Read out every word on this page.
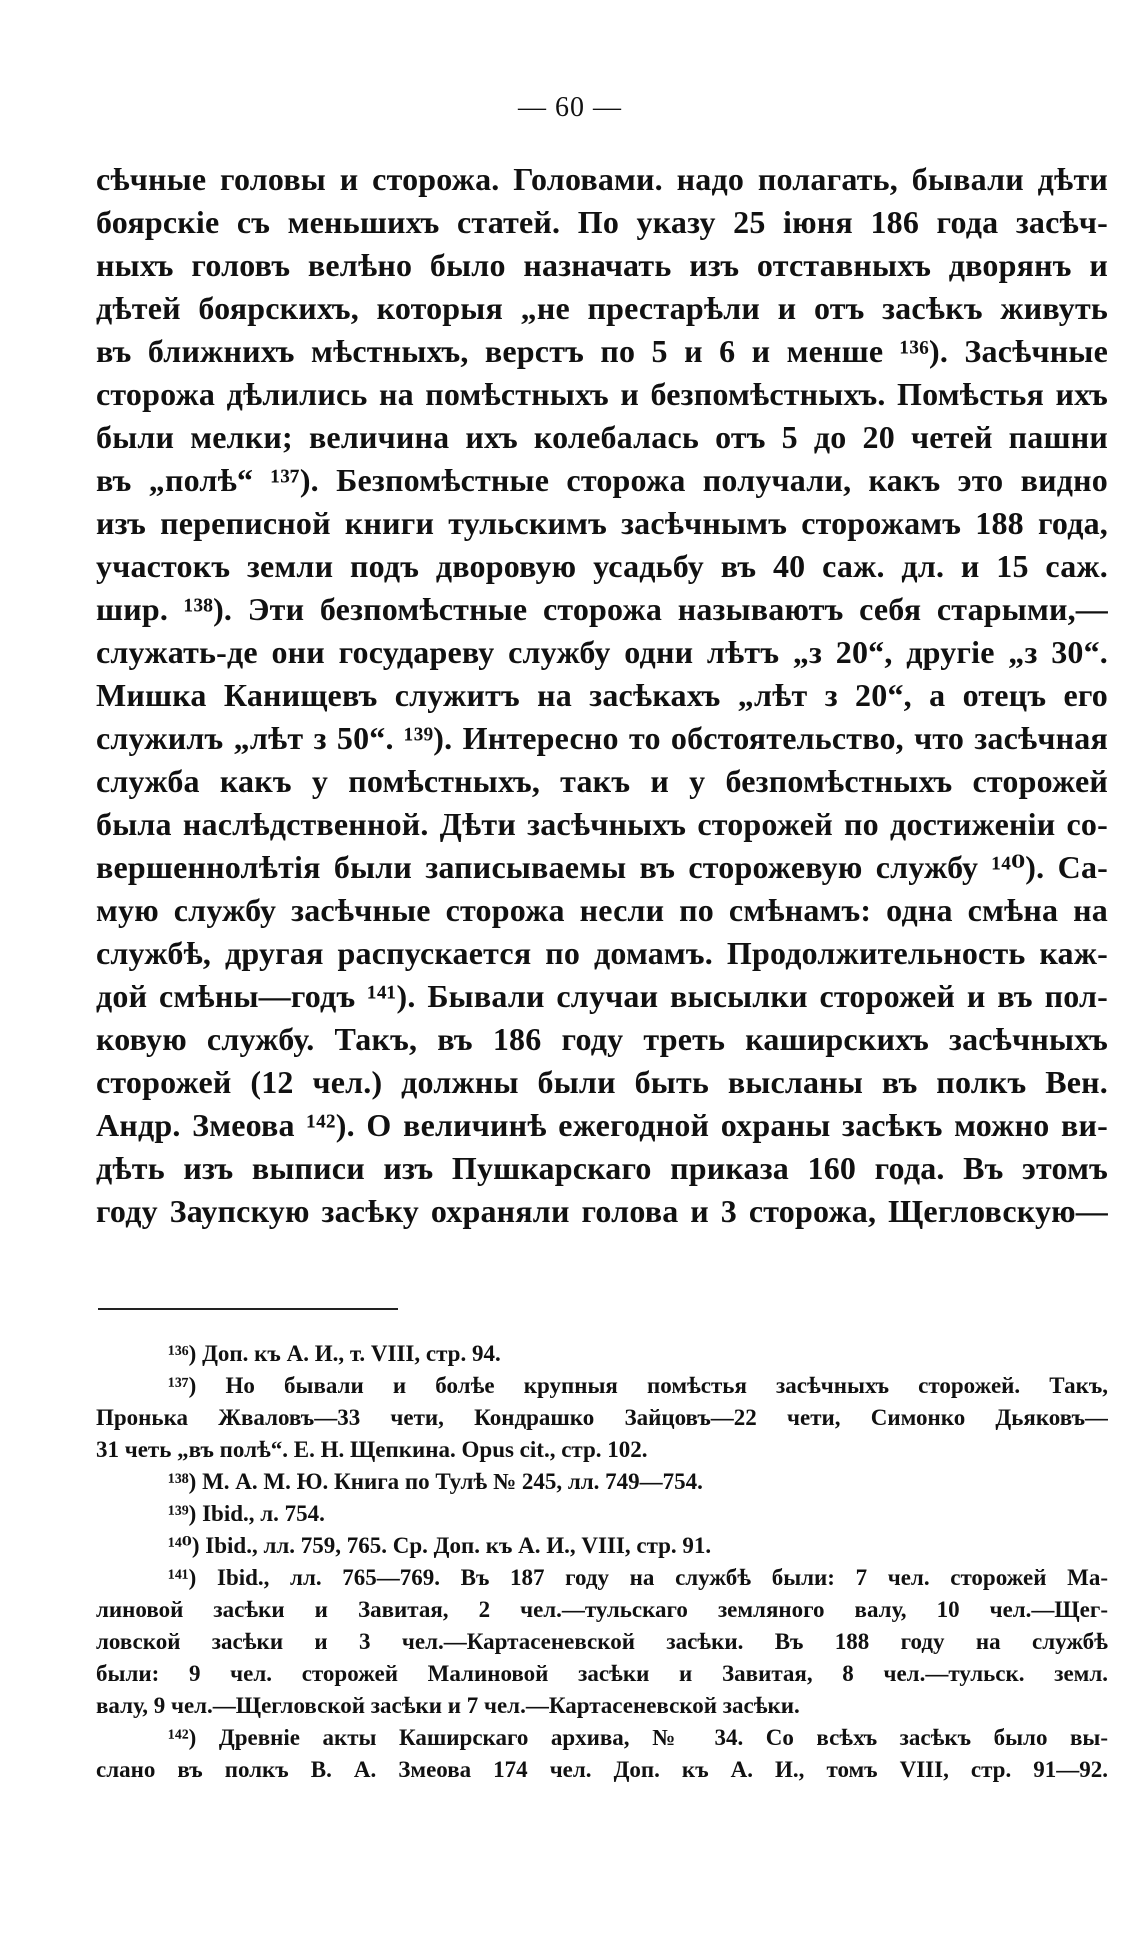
— 60 —
сѣчные головы и сторожа. Головами. надо полагать, бывали дѣти
боярскіе съ меньшихъ статей. По указу 25 іюня 186 года засѣч-
ныхъ головъ велѣно было назначать изъ отставныхъ дворянъ и
дѣтей боярскихъ, которыя „не престарѣли и отъ засѣкъ живуть
въ ближнихъ мѣстныхъ, верстъ по 5 и 6 и менше ¹³⁶). Засѣчные
сторожа дѣлились на помѣстныхъ и безпомѣстныхъ. Помѣстья ихъ
были мелки; величина ихъ колебалась отъ 5 до 20 четей пашни
въ „полѣ“ ¹³⁷). Безпомѣстные сторожа получали, какъ это видно
изъ переписной книги тульскимъ засѣчнымъ сторожамъ 188 года,
участокъ земли подъ дворовую усадьбу въ 40 саж. дл. и 15 саж.
шир. ¹³⁸). Эти безпомѣстные сторожа называютъ себя старыми,—
служать-де они государеву службу одни лѣтъ „з 20“, другіе „з 30“.
Мишка Канищевъ служитъ на засѣкахъ „лѣт з 20“, а отецъ его
служилъ „лѣт з 50“. ¹³⁹). Интересно то обстоятельство, что засѣчная
служба какъ у помѣстныхъ, такъ и у безпомѣстныхъ сторожей
была наслѣдственной. Дѣти засѣчныхъ сторожей по достиженіи со-
вершеннолѣтія были записываемы въ сторожевую службу ¹⁴⁰). Са-
мую службу засѣчные сторожа несли по смѣнамъ: одна смѣна на
службѣ, другая распускается по домамъ. Продолжительность каж-
дой смѣны—годъ ¹⁴¹). Бывали случаи высылки сторожей и въ пол-
ковую службу. Такъ, въ 186 году треть каширскихъ засѣчныхъ
сторожей (12 чел.) должны были быть высланы въ полкъ Вен.
Андр. Змеова ¹⁴²). О величинѣ ежегодной охраны засѣкъ можно ви-
дѣть изъ выписи изъ Пушкарскаго приказа 160 года. Въ этомъ
году Заупскую засѣку охраняли голова и 3 сторожа, Щегловскую—
¹³⁶) Доп. къ А. И., т. VIII, стр. 94.
¹³⁷) Но бывали и болѣе крупныя помѣстья засѣчныхъ сторожей. Такъ,
Пронька Жваловъ—33 чети, Кондрашко Зайцовъ—22 чети, Симонко Дьяковъ—
31 четь „въ полѣ“. Е. Н. Щепкина. Opus cit., стр. 102.
¹³⁸) М. А. М. Ю. Книга по Тулѣ № 245, лл. 749—754.
¹³⁹) Ibid., л. 754.
¹⁴⁰) Ibid., лл. 759, 765. Ср. Доп. къ А. И., VIII, стр. 91.
¹⁴¹) Ibid., лл. 765—769. Въ 187 году на службѣ были: 7 чел. сторожей Ма-
линовой засѣки и Завитая, 2 чел.—тульскаго земляного валу, 10 чел.—Щег-
ловской засѣки и 3 чел.—Картасеневской засѣки. Въ 188 году на службѣ
были: 9 чел. сторожей Малиновой засѣки и Завитая, 8 чел.—тульск. земл.
валу, 9 чел.—Щегловской засѣки и 7 чел.—Картасеневской засѣки.
¹⁴²) Древніе акты Каширскаго архива, № 34. Со всѣхъ засѣкъ было вы-
слано въ полкъ В. А. Змеова 174 чел. Доп. къ А. И., томъ VIII, стр. 91—92.
